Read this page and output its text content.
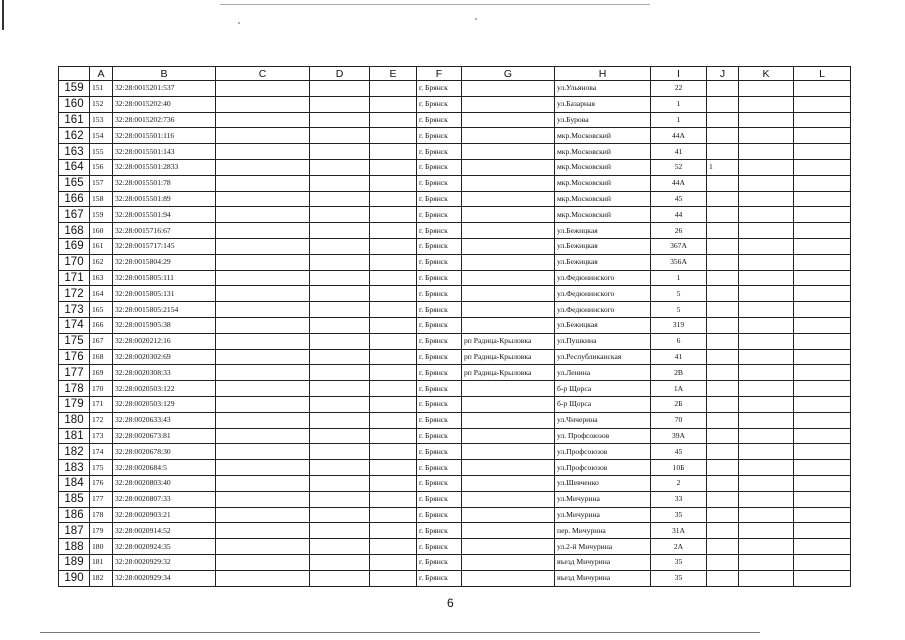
	A	B	C	D	E	F	G	H	I	J	K	L
159	151	32:28:0015201:537				г. Брянск		ул.Ульянова	22			
160	152	32:28:0015202:40				г. Брянск		ул.Базарная	1			
161	153	32:28:0015202:736				г. Брянск		ул.Бурова	1			
162	154	32:28:0015501:116				г. Брянск		мкр.Московский	44А			
163	155	32:28:0015501:143				г. Брянск		мкр.Московский	41			
164	156	32:28:0015501:2833				г. Брянск		мкр.Московский	52	1		
165	157	32:28:0015501:78				г. Брянск		мкр.Московский	44А			
166	158	32:28:0015501:89				г. Брянск		мкр.Московский	45			
167	159	32:28:0015501:94				г. Брянск		мкр.Московский	44			
168	160	32:28:0015716:67				г. Брянск		ул.Бежицкая	26			
169	161	32:28:0015717:145				г. Брянск		ул.Бежицкая	367А			
170	162	32:28:0015804:29				г. Брянск		ул.Бежицкая	356А			
171	163	32:28:0015805:111				г. Брянск		ул.Федюнинского	1			
172	164	32:28:0015805:131				г. Брянск		ул.Федюнинского	5			
173	165	32:28:0015805:2154				г. Брянск		ул.Федюнинского	5			
174	166	32:28:0015905:38				г. Брянск		ул.Бежицкая	319			
175	167	32:28:0020212:16				г. Брянск	рп Радица-Крыловка	ул.Пушкина	6			
176	168	32:28:0020302:69				г. Брянск	рп Радица-Крыловка	ул.Республиканская	41			
177	169	32:28:0020308:33				г. Брянск	рп Радица-Крыловка	ул.Ленина	2В			
178	170	32:28:0020503:122				г. Брянск		б-р Щорса	1А			
179	171	32:28:0020503:129				г. Брянск		б-р Щорса	2Б			
180	172	32:28:0020633:43				г. Брянск		ул.Чичерина	70			
181	173	32:28:0020673:81				г. Брянск		ул. Профсоюзов	39А			
182	174	32:28:0020678:30				г. Брянск		ул.Профсоюзов	45			
183	175	32:28:0020684:5				г. Брянск		ул.Профсоюзов	10Б			
184	176	32:28:0020803:40				г. Брянск		ул.Шевченко	2			
185	177	32:28:0020807:33				г. Брянск		ул.Мичурина	33			
186	178	32:28:0020903:21				г. Брянск		ул.Мичурина	35			
187	179	32:28:0020914:52				г. Брянск		пер. Мичурина	31А			
188	180	32:28:0020924:35				г. Брянск		ул.2-й Мичурина	2А			
189	181	32:28:0020929:32				г. Брянск		въезд Мичурина	35			
190	182	32:28:0020929:34				г. Брянск		въезд Мичурина	35			
6
